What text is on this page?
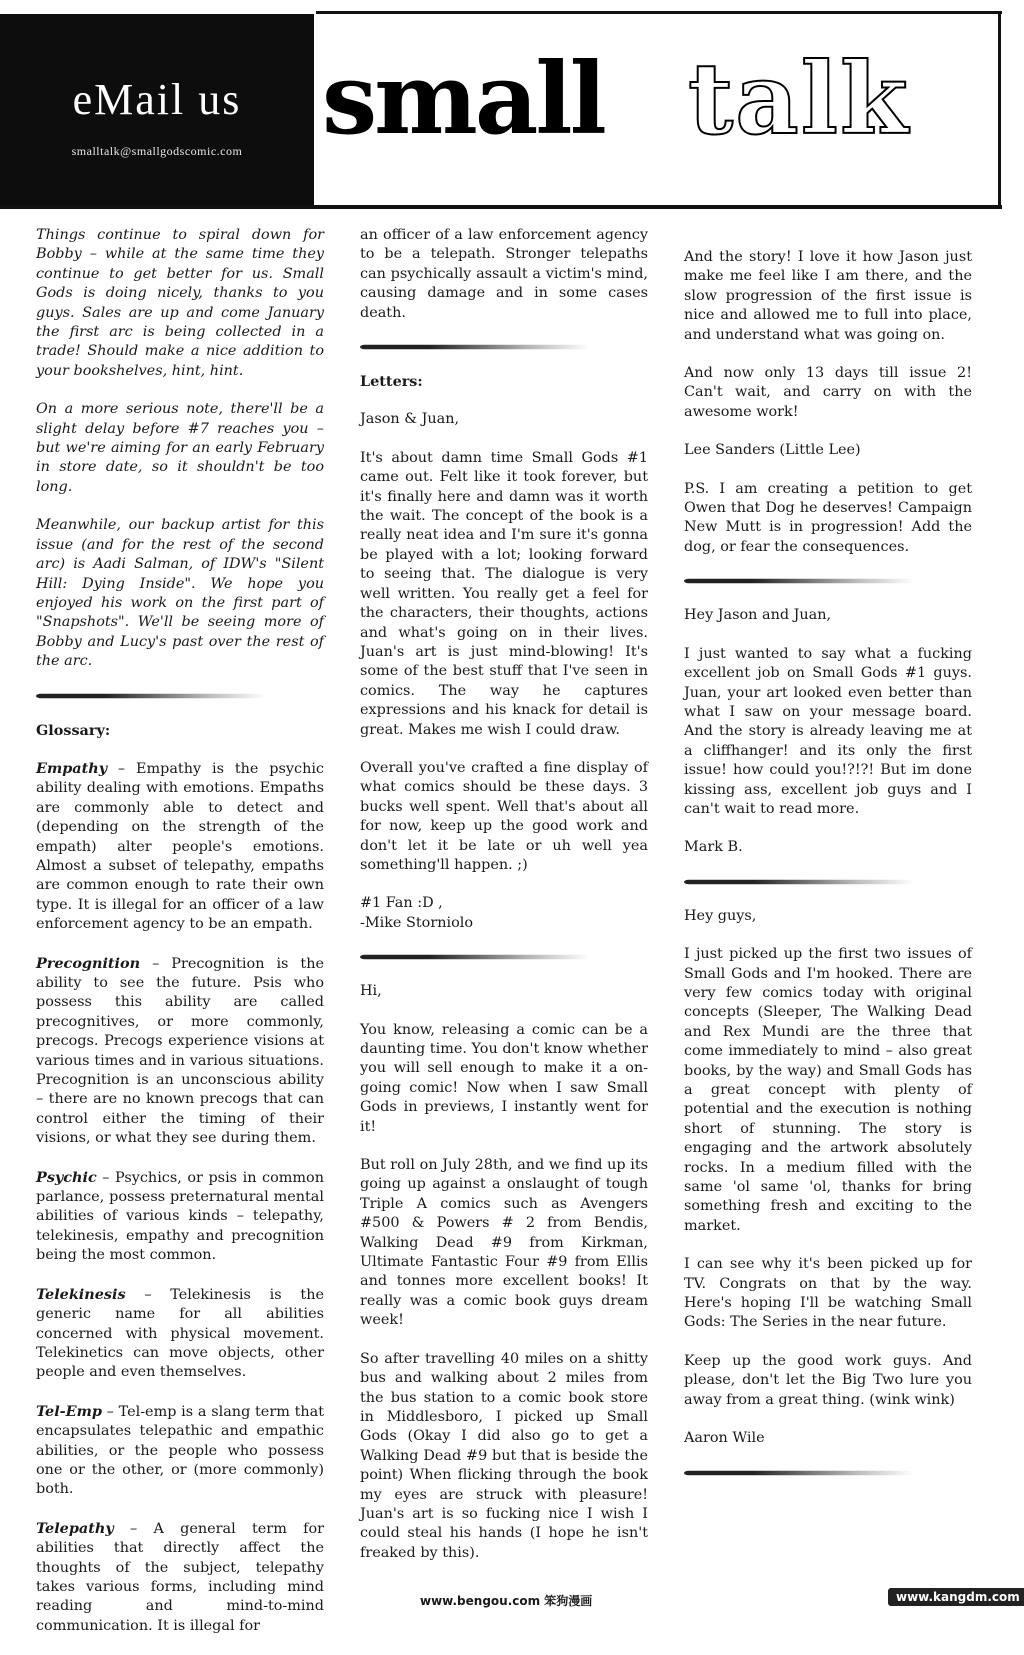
eMail us
smalltalk@smallgodscomic.com small talk

Things continue to spiral down for Bobby – while at the same time they continue to get better for us. Small Gods is doing nicely, thanks to you guys. Sales are up and come January the first arc is being collected in a trade! Should make a nice addition to your bookshelves, hint, hint.

On a more serious note, there'll be a slight delay before #7 reaches you – but we're aiming for an early February in store date, so it shouldn't be too long.

Meanwhile, our backup artist for this issue (and for the rest of the second arc) is Aadi Salman, of IDW's "Silent Hill: Dying Inside". We hope you enjoyed his work on the first part of "Snapshots". We'll be seeing more of Bobby and Lucy's past over the rest of the arc.

Glossary:

Empathy – Empathy is the psychic ability dealing with emotions. Empaths are commonly able to detect and (depending on the strength of the empath) alter people's emotions. Almost a subset of telepathy, empaths are common enough to rate their own type. It is illegal for an officer of a law enforcement agency to be an empath.

Precognition – Precognition is the ability to see the future. Psis who possess this ability are called precognitives, or more commonly, precogs. Precogs experience visions at various times and in various situations. Precognition is an unconscious ability – there are no known precogs that can control either the timing of their visions, or what they see during them.

Psychic – Psychics, or psis in common parlance, possess preternatural mental abilities of various kinds – telepathy, telekinesis, empathy and precognition being the most common.

Telekinesis – Telekinesis is the generic name for all abilities concerned with physical movement. Telekinetics can move objects, other people and even themselves.

Tel-Emp – Tel-emp is a slang term that encapsulates telepathic and empathic abilities, or the people who possess one or the other, or (more commonly) both.

Telepathy – A general term for abilities that directly affect the thoughts of the subject, telepathy takes various forms, including mind reading and mind-to-mind communication. It is illegal for

an officer of a law enforcement agency to be a telepath. Stronger telepaths can psychically assault a victim's mind, causing damage and in some cases death.

Letters:

Jason & Juan,

It's about damn time Small Gods #1 came out. Felt like it took forever, but it's finally here and damn was it worth the wait. The concept of the book is a really neat idea and I'm sure it's gonna be played with a lot; looking forward to seeing that. The dialogue is very well written. You really get a feel for the characters, their thoughts, actions and what's going on in their lives. Juan's art is just mind-blowing! It's some of the best stuff that I've seen in comics. The way he captures expressions and his knack for detail is great. Makes me wish I could draw.

Overall you've crafted a fine display of what comics should be these days. 3 bucks well spent. Well that's about all for now, keep up the good work and don't let it be late or uh well yea something'll happen. ;)

#1 Fan :D ,
-Mike Storniolo

Hi,

You know, releasing a comic can be a daunting time. You don't know whether you will sell enough to make it a on-going comic! Now when I saw Small Gods in previews, I instantly went for it!

But roll on July 28th, and we find up its going up against a onslaught of tough Triple A comics such as Avengers #500 & Powers # 2 from Bendis, Walking Dead #9 from Kirkman, Ultimate Fantastic Four #9 from Ellis and tonnes more excellent books! It really was a comic book guys dream week!

So after travelling 40 miles on a shitty bus and walking about 2 miles from the bus station to a comic book store in Middlesboro, I picked up Small Gods (Okay I did also go to get a Walking Dead #9 but that is beside the point) When flicking through the book my eyes are struck with pleasure! Juan's art is so fucking nice I wish I could steal his hands (I hope he isn't freaked by this).

And the story! I love it how Jason just make me feel like I am there, and the slow progression of the first issue is nice and allowed me to full into place, and understand what was going on.

And now only 13 days till issue 2! Can't wait, and carry on with the awesome work!

Lee Sanders (Little Lee)

P.S. I am creating a petition to get Owen that Dog he deserves! Campaign New Mutt is in progression! Add the dog, or fear the consequences.

Hey Jason and Juan,

I just wanted to say what a fucking excellent job on Small Gods #1 guys. Juan, your art looked even better than what I saw on your message board. And the story is already leaving me at a cliffhanger! and its only the first issue! how could you!?!?! But im done kissing ass, excellent job guys and I can't wait to read more.

Mark B.

Hey guys,

I just picked up the first two issues of Small Gods and I'm hooked. There are very few comics today with original concepts (Sleeper, The Walking Dead and Rex Mundi are the three that come immediately to mind – also great books, by the way) and Small Gods has a great concept with plenty of potential and the execution is nothing short of stunning. The story is engaging and the artwork absolutely rocks. In a medium filled with the same 'ol same 'ol, thanks for bring something fresh and exciting to the market.

I can see why it's been picked up for TV. Congrats on that by the way. Here's hoping I'll be watching Small Gods: The Series in the near future.

Keep up the good work guys. And please, don't let the Big Two lure you away from a great thing. (wink wink)

Aaron Wile

www.bengou.com 笨狗漫画	www.kangdm.com
